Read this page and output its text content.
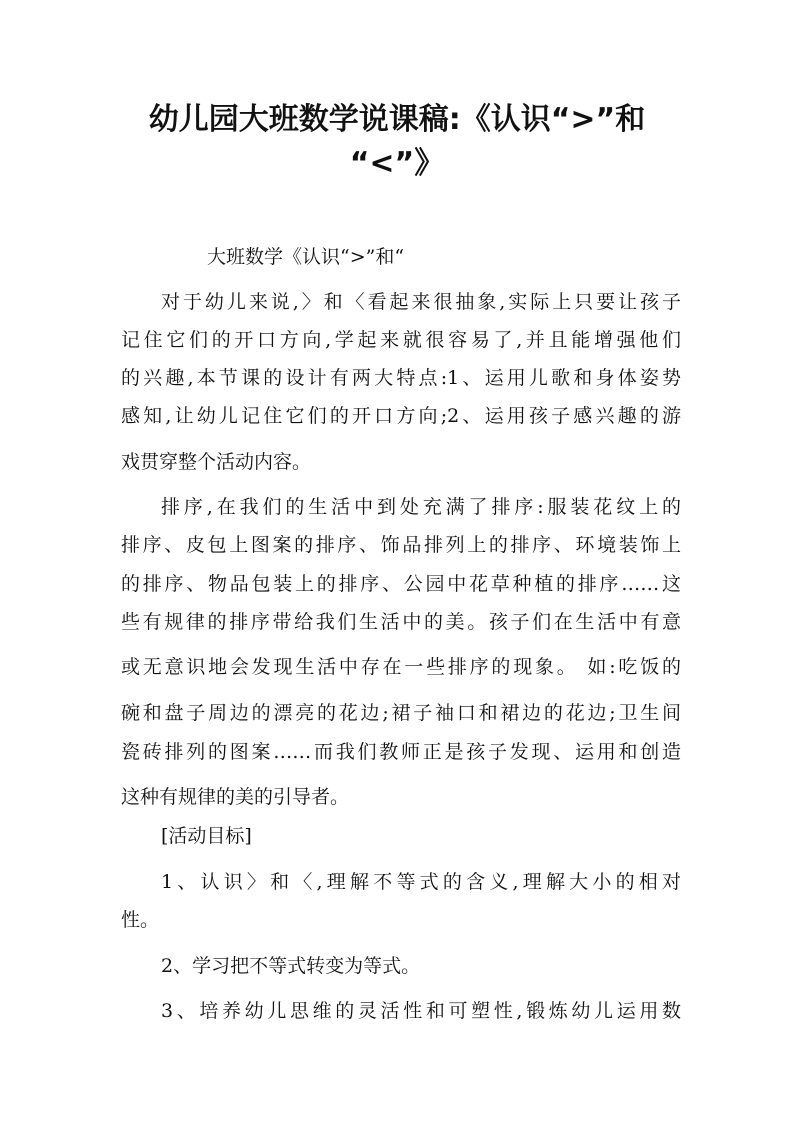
幼儿园大班数学说课稿:《认识“>”和
“<”》

大班数学《认识“>”和“

对于幼儿来说,〉和〈看起来很抽象,实际上只要让孩子

记住它们的开口方向,学起来就很容易了,并且能增强他们

的兴趣,本节课的设计有两大特点:1、运用儿歌和身体姿势

感知,让幼儿记住它们的开口方向;2、运用孩子感兴趣的游

戏贯穿整个活动内容。

排序,在我们的生活中到处充满了排序:服装花纹上的

排序、皮包上图案的排序、饰品排列上的排序、环境装饰上

的排序、物品包装上的排序、公园中花草种植的排序……这

些有规律的排序带给我们生活中的美。孩子们在生活中有意

或无意识地会发现生活中存在一些排序的现象。 如:吃饭的

碗和盘子周边的漂亮的花边;裙子袖口和裙边的花边;卫生间

瓷砖排列的图案……而我们教师正是孩子发现、运用和创造

这种有规律的美的引导者。

[活动目标]

1、认识〉和〈,理解不等式的含义,理解大小的相对

性。

2、学习把不等式转变为等式。

3、培养幼儿思维的灵活性和可塑性,锻炼幼儿运用数
